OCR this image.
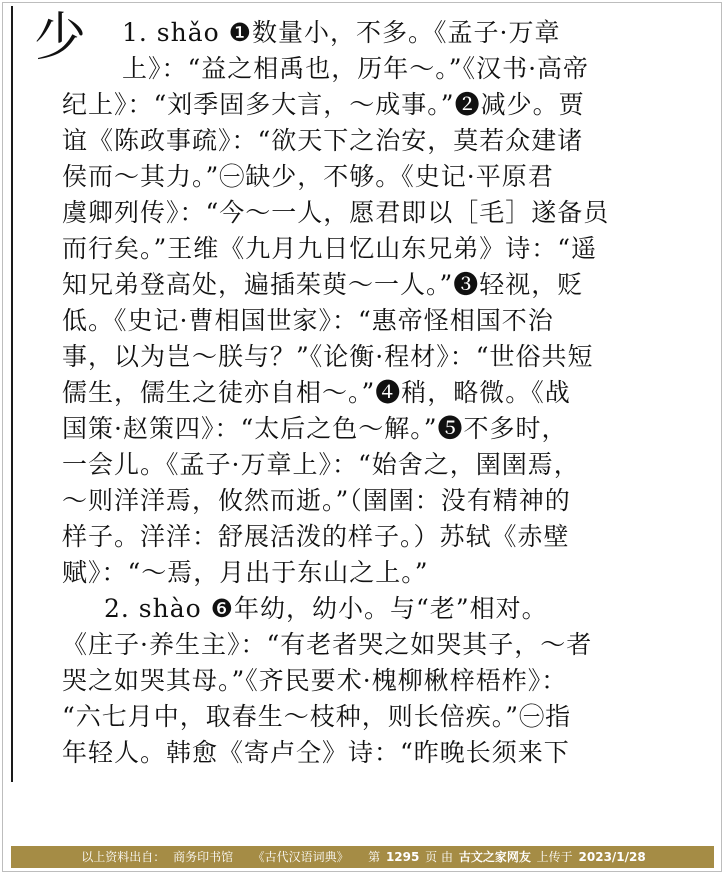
少 1. shǎo ❶数量小，不多。《孟子·万章
上》：“益之相禹也，历年～。”《汉书·高帝
纪上》：“刘季固多大言，～成事。”❷减少。贾
谊《陈政事疏》：“欲天下之治安，莫若众建诸
侯而～其力。”㊀缺少，不够。《史记·平原君
虞卿列传》：“今～一人，愿君即以［毛］遂备员
而行矣。”王维《九月九日忆山东兄弟》诗：“遥
知兄弟登高处，遍插茱萸～一人。”❸轻视，贬
低。《史记·曹相国世家》：“惠帝怪相国不治
事，以为岂～朕与？”《论衡·程材》：“世俗共短
儒生，儒生之徒亦自相～。”❹稍，略微。《战
国策·赵策四》：“太后之色～解。”❺不多时，
一会儿。《孟子·万章上》：“始舍之，圉圉焉，
～则洋洋焉，攸然而逝。”（圉圉：没有精神的
样子。洋洋：舒展活泼的样子。）苏轼《赤壁
赋》：“～焉，月出于东山之上。”
2. shào ❻年幼，幼小。与“老”相对。
《庄子·养生主》：“有老者哭之如哭其子，～者
哭之如哭其母。”《齐民要术·槐柳楸梓梧柞》：
“六七月中，取春生～枝种，则长倍疾。”㊀指
年轻人。韩愈《寄卢仝》诗：“昨晚长须来下
以上资料出自： 商务印书馆 《古代汉语词典》 第 1295 页 由 古文之家网友 上传于 2023/1/28
